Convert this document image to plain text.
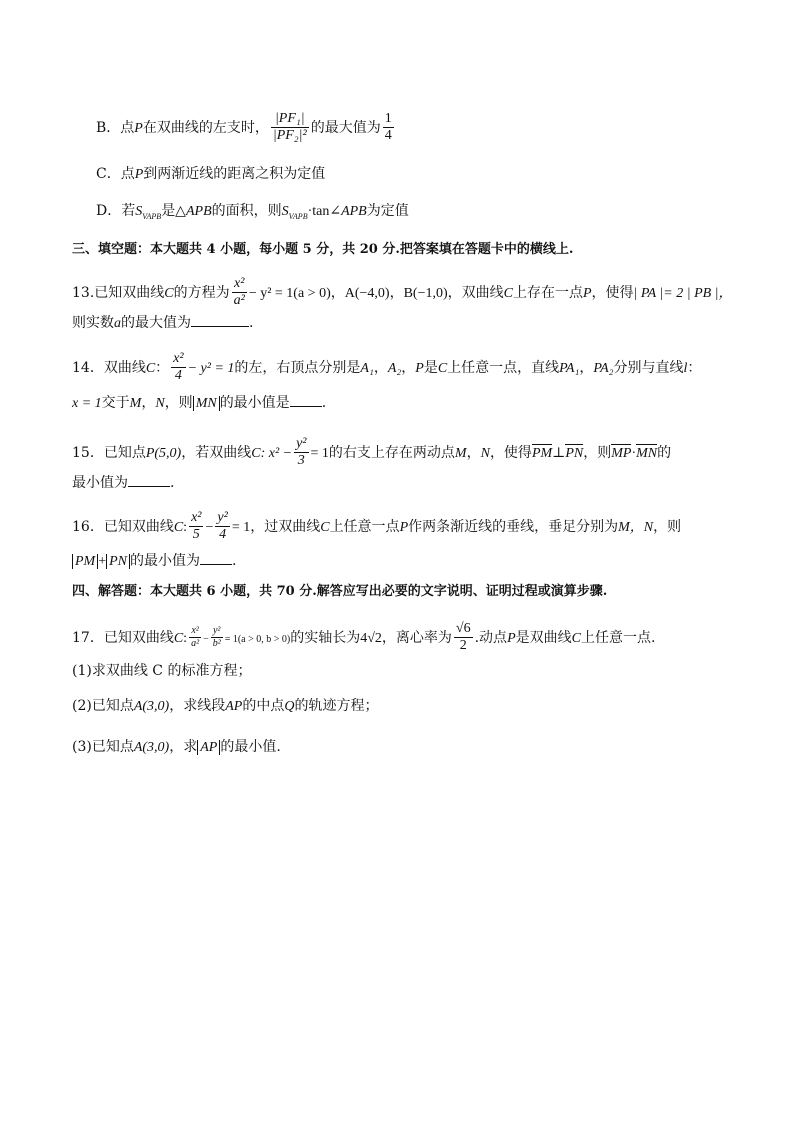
B．点P在双曲线的左支时， $\frac{\text{|PF₁|}}{\text{|PF₂|²}}$ 的最大值为 $\frac{1}{4}$
C．点P到两渐近线的距离之积为定值
D．若$S_{VAPB}$是△APB的面积，则$S_{VAPB}\cdot\tan\angle APB$为定值
三、填空题：本大题共 4 小题，每小题 5 分，共 20 分.把答案填在答题卡中的横线上.
13.已知双曲线C的方程为 $\frac{\text{x²}}{\text{a²}} - y^2 = 1(a > 0)$，A(−4,0)，B(−1,0)，双曲线C上存在一点P，使得| PA |= 2 | PB |，
则实数a的最大值为	.
14．双曲线C： $\frac{\text{x²}}{4} - y^2 = 1$的左，右顶点分别是A₁，A₂，P是C上任意一点，直线PA₁，PA₂分别与直线l：
x = 1交于M，N，则 MN 的最小值是 .
15．已知点P(5,0)，若双曲线C: $x^2 - \frac{\text{y²}}{3} = 1$的右支上存在两动点M，N，使得PM⊥PN，则MP·MN的
最小值为	.
16．已知双曲线C: $\frac{\text{x²}}{5} - \frac{\text{y²}}{4} = 1$，过双曲线C上任意一点P作两条渐近线的垂线，垂足分别为M，N，则
PM + PN 的最小值为 .
四、解答题：本大题共 6 小题，共 70 分.解答应写出必要的文字说明、证明过程或演算步骤.
17．已知双曲线C: $\frac{\text{x²}}{\text{a²}} - \frac{\text{y²}}{\text{b²}} = 1(a > 0$, b > 0)的实轴长为4√2，离心率为 $\frac{√6}{2}$ .动点P是双曲线C上任意一点.
(1)求双曲线 C 的标准方程；
(2)已知点A(3,0)，求线段AP的中点Q的轨迹方程；
(3)已知点A(3,0)，求 AP 的最小值.
